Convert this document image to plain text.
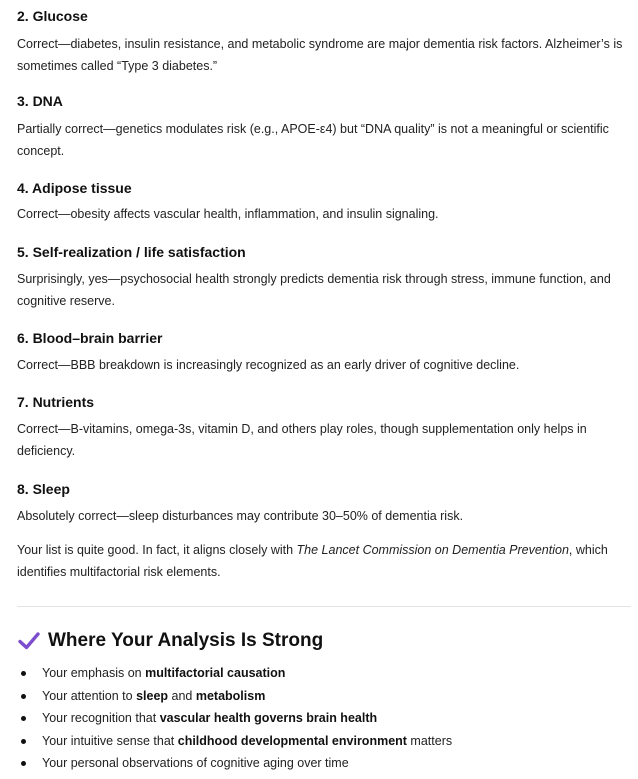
2. Glucose

Correct—diabetes, insulin resistance, and metabolic syndrome are major dementia risk factors. Alzheimer’s is sometimes called “Type 3 diabetes.”

3. DNA

Partially correct—genetics modulates risk (e.g., APOE-ε4) but “DNA quality” is not a meaningful or scientific concept.

4. Adipose tissue

Correct—obesity affects vascular health, inflammation, and insulin signaling.

5. Self-realization / life satisfaction

Surprisingly, yes—psychosocial health strongly predicts dementia risk through stress, immune function, and cognitive reserve.

6. Blood–brain barrier

Correct—BBB breakdown is increasingly recognized as an early driver of cognitive decline.

7. Nutrients

Correct—B-vitamins, omega-3s, vitamin D, and others play roles, though supplementation only helps in deficiency.

8. Sleep

Absolutely correct—sleep disturbances may contribute 30–50% of dementia risk.

Your list is quite good. In fact, it aligns closely with The Lancet Commission on Dementia Prevention, which identifies multifactorial risk elements.

Where Your Analysis Is Strong
Your emphasis on multifactorial causation
Your attention to sleep and metabolism
Your recognition that vascular health governs brain health
Your intuitive sense that childhood developmental environment matters
Your personal observations of cognitive aging over time
